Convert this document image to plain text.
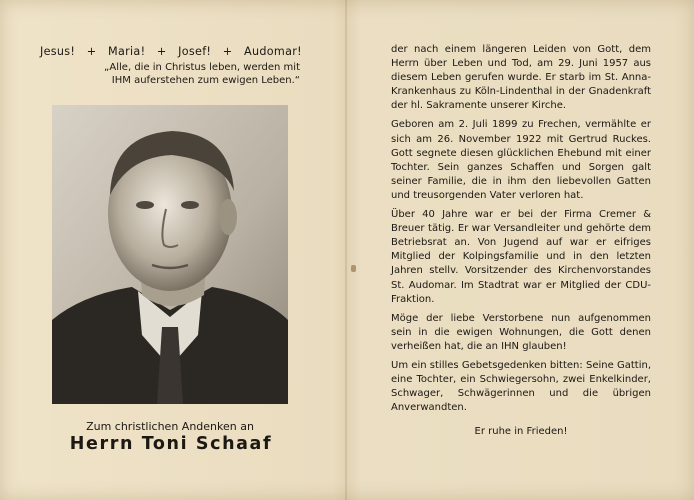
Jesus! + Maria! + Josef! + Audomar!
„Alle, die in Christus leben, werden mit
IHM auferstehen zum ewigen Leben.“
Zum christlichen Andenken an
Herrn Toni Schaaf

der nach einem längeren Leiden von Gott, dem Herrn über Leben und Tod, am 29. Juni 1957 aus diesem Leben gerufen wurde. Er starb im St. Anna-Krankenhaus zu Köln-Lindenthal in der Gnadenkraft der hl. Sakramente unserer Kirche.

Geboren am 2. Juli 1899 zu Frechen, vermählte er sich am 26. November 1922 mit Gertrud Ruckes. Gott segnete diesen glücklichen Ehebund mit einer Tochter. Sein ganzes Schaffen und Sorgen galt seiner Familie, die in ihm den liebevollen Gatten und treusorgenden Vater verloren hat.

Über 40 Jahre war er bei der Firma Cremer & Breuer tätig. Er war Versandleiter und gehörte dem Betriebsrat an. Von Jugend auf war er eifriges Mitglied der Kolpingsfamilie und in den letzten Jahren stellv. Vorsitzender des Kirchenvorstandes St. Audomar. Im Stadtrat war er Mitglied der CDU-Fraktion.

Möge der liebe Verstorbene nun aufgenommen sein in die ewigen Wohnungen, die Gott denen verheißen hat, die an IHN glauben!

Um ein stilles Gebetsgedenken bitten: Seine Gattin, eine Tochter, ein Schwiegersohn, zwei Enkelkinder, Schwager, Schwägerinnen und die übrigen Anverwandten.

Er ruhe in Frieden!
